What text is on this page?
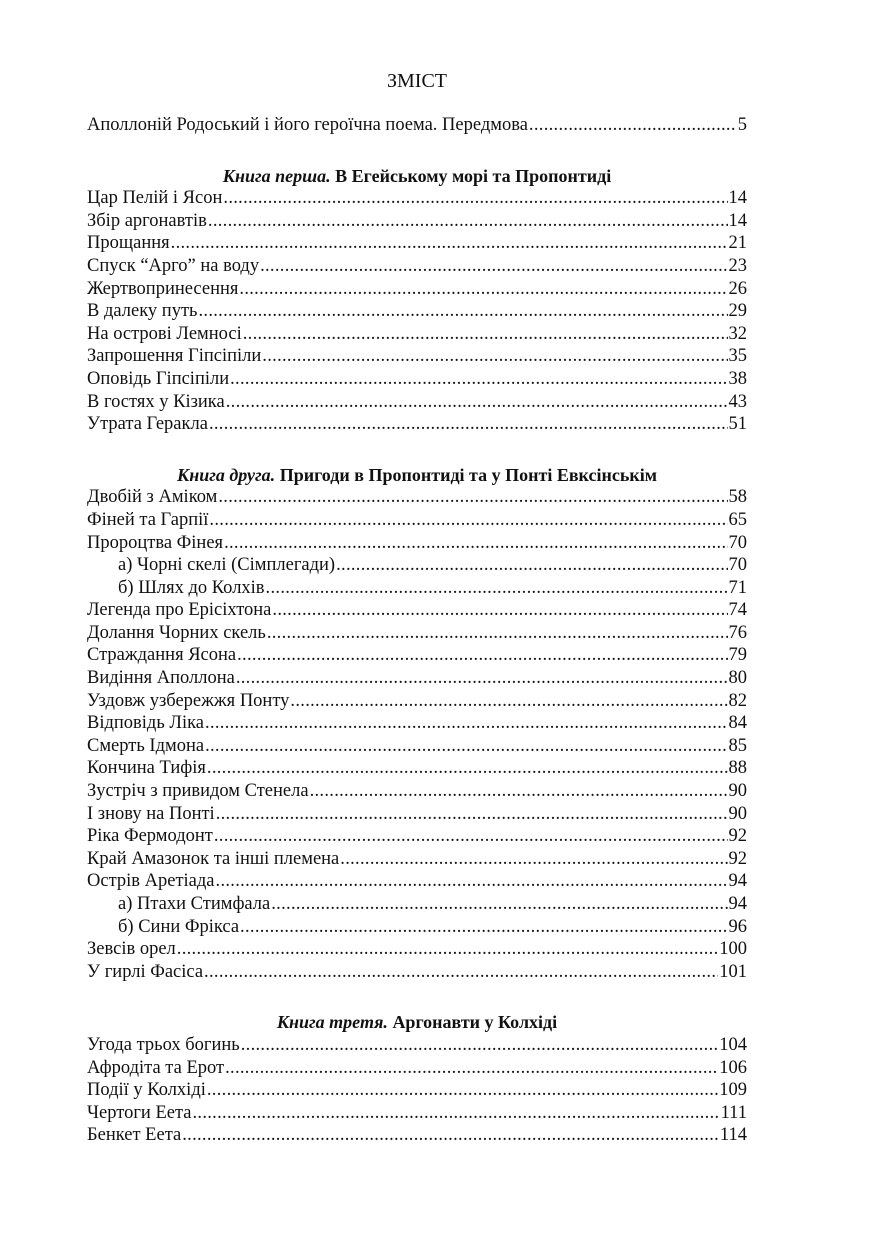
ЗМІСТ
Аполлоній Родоський і його героїчна поема. Передмова .....	5
Книга перша. В Егейському морі та Пропонтиді
Цар Пелій і Ясон .....	14
Збір аргонавтів .....	14
Прощання .....	21
Спуск “Арго” на воду .....	23
Жертвопринесення .....	26
В далеку путь .....	29
На острові Лемносі .....	32
Запрошення Гіпсіпіли .....	35
Оповідь Гіпсіпіли .....	38
В гостях у Кізика .....	43
Утрата Геракла .....	51
Книга друга. Пригоди в Пропонтиді та у Понті Евксінськім
Двобій з Аміком .....	58
Фіней та Гарпії .....	65
Пророцтва Фінея .....	70
а) Чорні скелі (Сімплегади) .....	70
б) Шлях до Колхів .....	71
Легенда про Ерісіхтона .....	74
Долання Чорних скель .....	76
Страждання Ясона .....	79
Видіння Аполлона .....	80
Уздовж узбережжя Понту .....	82
Відповідь Ліка .....	84
Смерть Ідмона .....	85
Кончина Тифія .....	88
Зустріч з привидом Стенела .....	90
І знову на Понті .....	90
Ріка Фермодонт .....	92
Край Амазонок та інші племена .....	92
Острів Аретіада .....	94
а) Птахи Стимфала .....	94
б) Сини Фрікса .....	96
Зевсів орел .....	100
У гирлі Фасіса .....	101
Книга третя. Аргонавти у Колхіді
Угода трьох богинь .....	104
Афродіта та Ерот .....	106
Події у Колхіді .....	109
Чертоги Еета .....	111
Бенкет Еета .....	114
